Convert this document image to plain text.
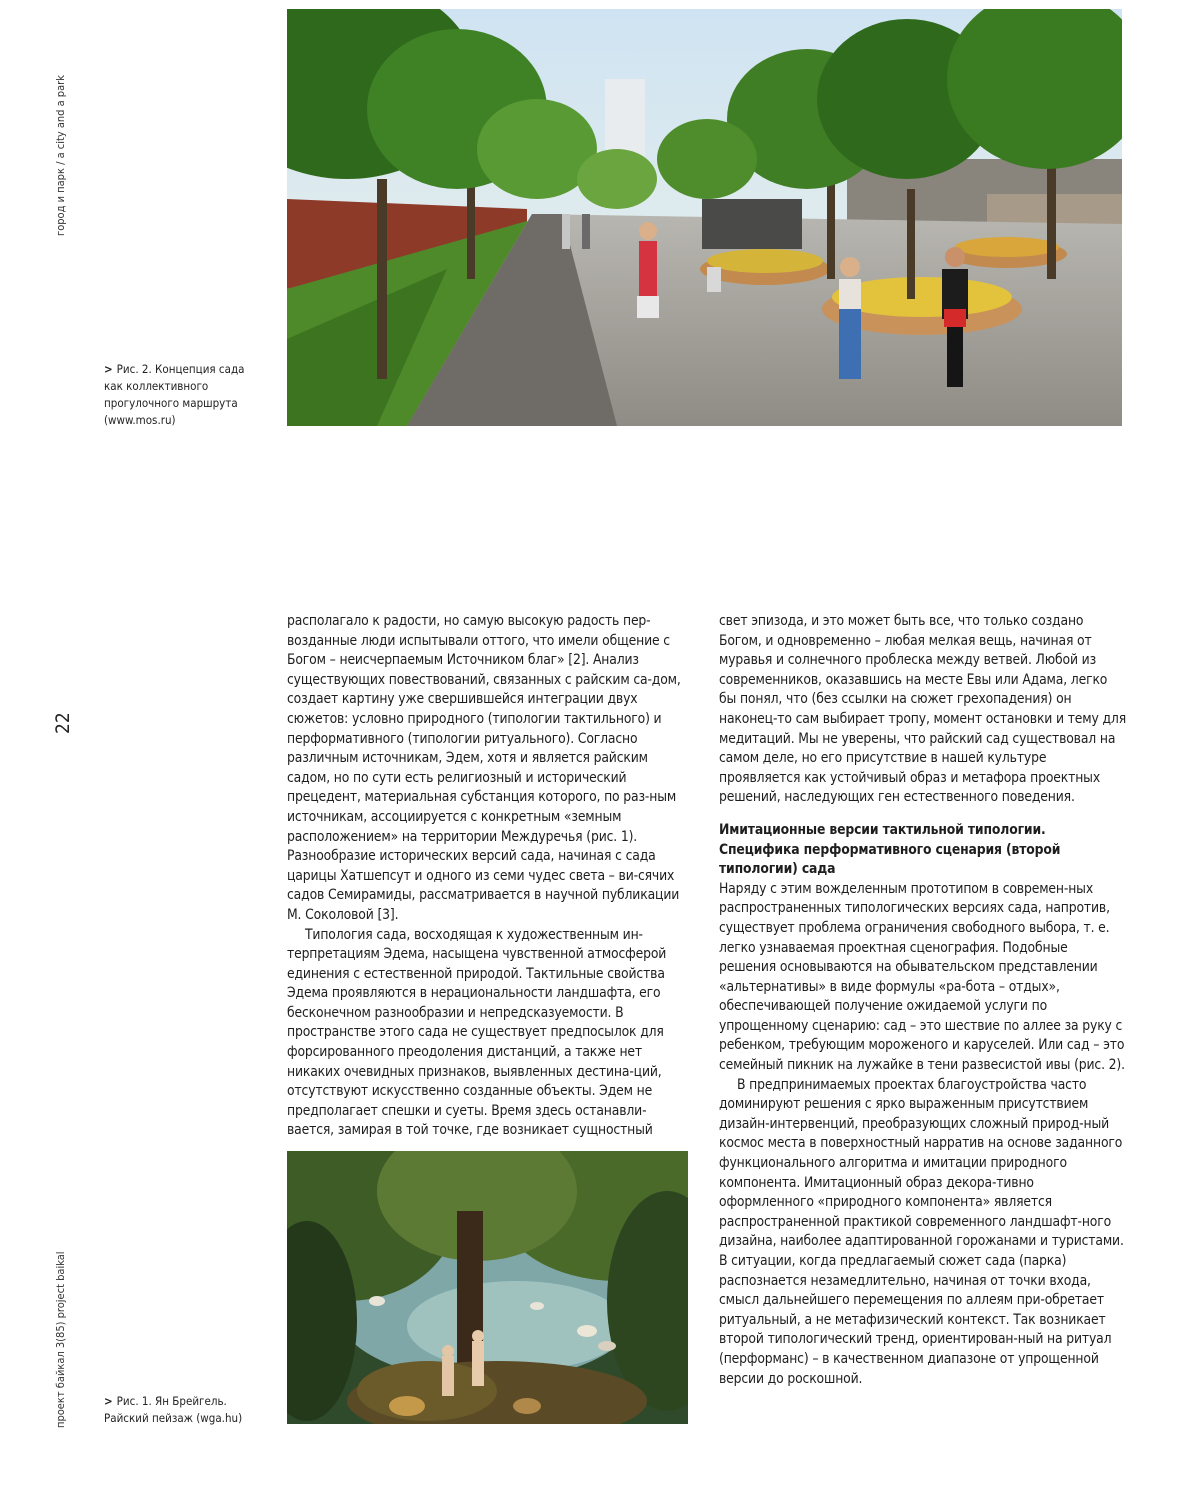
город и парк / a city and a park
22
проект байкал 3(85) project baikal
> Рис. 2. Концепция сада как коллективного прогулочного маршрута (www.mos.ru)

располагало к радости, но самую высокую радость пер-возданные люди испытывали оттого, что имели общение с Богом – неисчерпаемым Источником благ» [2]. Анализ существующих повествований, связанных с райским са-дом, создает картину уже свершившейся интеграции двух сюжетов: условно природного (типологии тактильного) и перформативного (типологии ритуального). Согласно различным источникам, Эдем, хотя и является райским садом, но по сути есть религиозный и исторический прецедент, материальная субстанция которого, по раз-ным источникам, ассоциируется с конкретным «земным расположением» на территории Междуречья (рис. 1). Разнообразие исторических версий сада, начиная с сада царицы Хатшепсут и одного из семи чудес света – ви-сячих садов Семирамиды, рассматривается в научной публикации М. Соколовой [3].

Типология сада, восходящая к художественным ин-терпретациям Эдема, насыщена чувственной атмосферой единения с естественной природой. Тактильные свойства Эдема проявляются в нерациональности ландшафта, его бесконечном разнообразии и непредсказуемости. В пространстве этого сада не существует предпосылок для форсированного преодоления дистанций, а также нет никаких очевидных признаков, выявленных дестина-ций, отсутствуют искусственно созданные объекты. Эдем не предполагает спешки и суеты. Время здесь останавли-вается, замирая в той точке, где возникает сущностный

свет эпизода, и это может быть все, что только создано Богом, и одновременно – любая мелкая вещь, начиная от муравья и солнечного проблеска между ветвей. Любой из современников, оказавшись на месте Евы или Адама, легко бы понял, что (без ссылки на сюжет грехопадения) он наконец-то сам выбирает тропу, момент остановки и тему для медитаций. Мы не уверены, что райский сад существовал на самом деле, но его присутствие в нашей культуре проявляется как устойчивый образ и метафора проектных решений, наследующих ген естественного поведения.

Имитационные версии тактильной типологии. Специфика перформативного сценария (второй типологии) сада

Наряду с этим вожделенным прототипом в современ-ных распространенных типологических версиях сада, напротив, существует проблема ограничения свободного выбора, т. е. легко узнаваемая проектная сценография. Подобные решения основываются на обывательском представлении «альтернативы» в виде формулы «ра-бота – отдых», обеспечивающей получение ожидаемой услуги по упрощенному сценарию: сад – это шествие по аллее за руку с ребенком, требующим мороженого и каруселей. Или сад – это семейный пикник на лужайке в тени развесистой ивы (рис. 2).

В предпринимаемых проектах благоустройства часто доминируют решения с ярко выраженным присутствием дизайн-интервенций, преобразующих сложный природ-ный космос места в поверхностный нарратив на основе заданного функционального алгоритма и имитации природного компонента. Имитационный образ декора-тивно оформленного «природного компонента» является распространенной практикой современного ландшафт-ного дизайна, наиболее адаптированной горожанами и туристами. В ситуации, когда предлагаемый сюжет сада (парка) распознается незамедлительно, начиная от точки входа, смысл дальнейшего перемещения по аллеям при-обретает ритуальный, а не метафизический контекст. Так возникает второй типологический тренд, ориентирован-ный на ритуал (перформанс) – в качественном диапазоне от упрощенной версии до роскошной.

> Рис. 1. Ян Брейгель. Райский пейзаж (wga.hu)
